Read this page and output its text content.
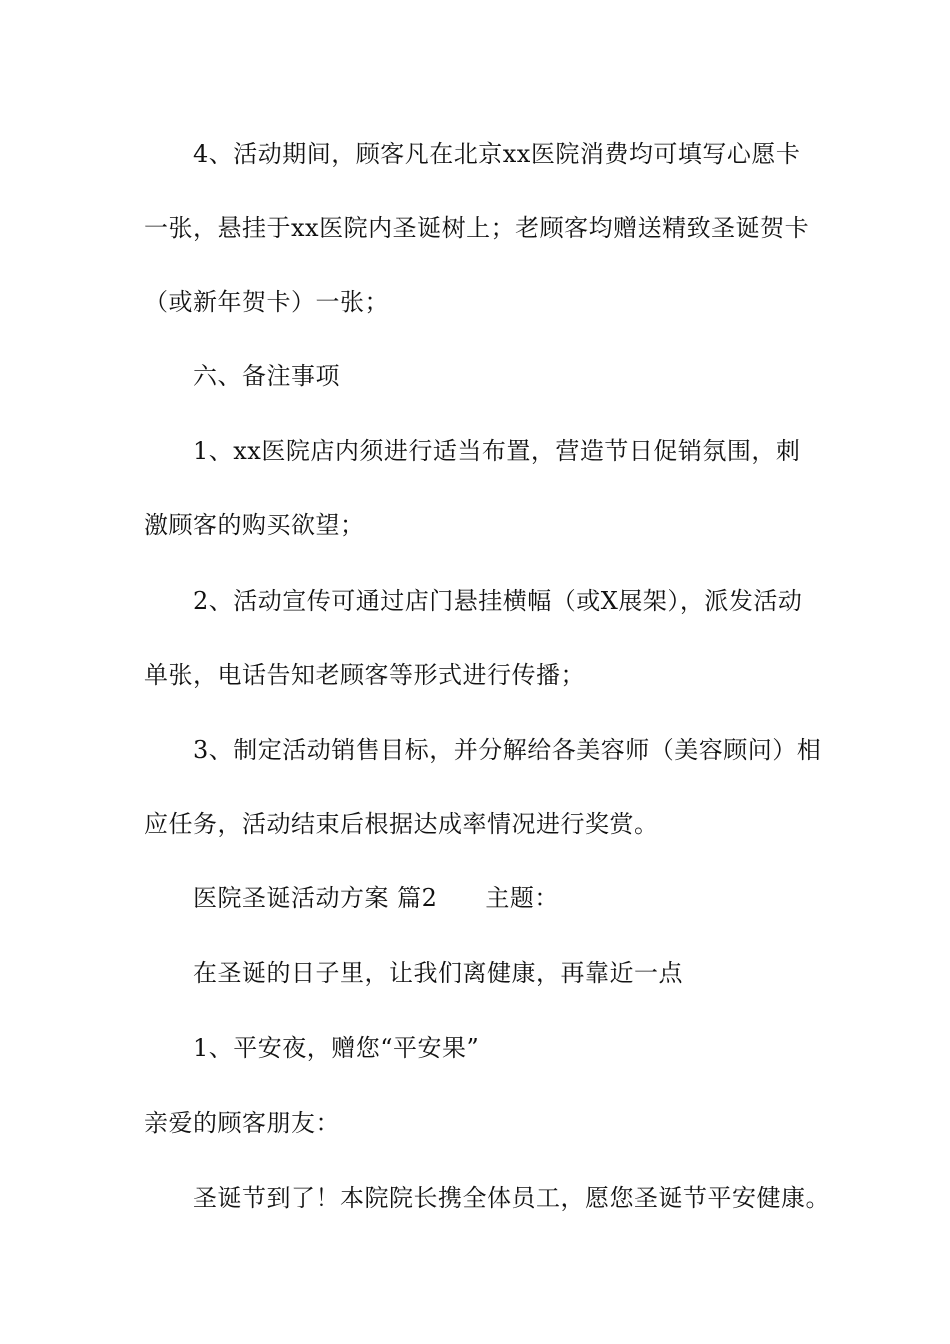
4、活动期间，顾客凡在北京xx医院消费均可填写心愿卡
一张，悬挂于xx医院内圣诞树上；老顾客均赠送精致圣诞贺卡
（或新年贺卡）一张；
六、备注事项
1、xx医院店内须进行适当布置，营造节日促销氛围，刺
激顾客的购买欲望；
2、活动宣传可通过店门悬挂横幅（或X展架），派发活动
单张，电话告知老顾客等形式进行传播；
3、制定活动销售目标，并分解给各美容师（美容顾问）相
应任务，活动结束后根据达成率情况进行奖赏。
医院圣诞活动方案 篇2 主题：
在圣诞的日子里，让我们离健康，再靠近一点
1、平安夜，赠您“平安果”
亲爱的顾客朋友：
圣诞节到了！本院院长携全体员工，愿您圣诞节平安健康。
